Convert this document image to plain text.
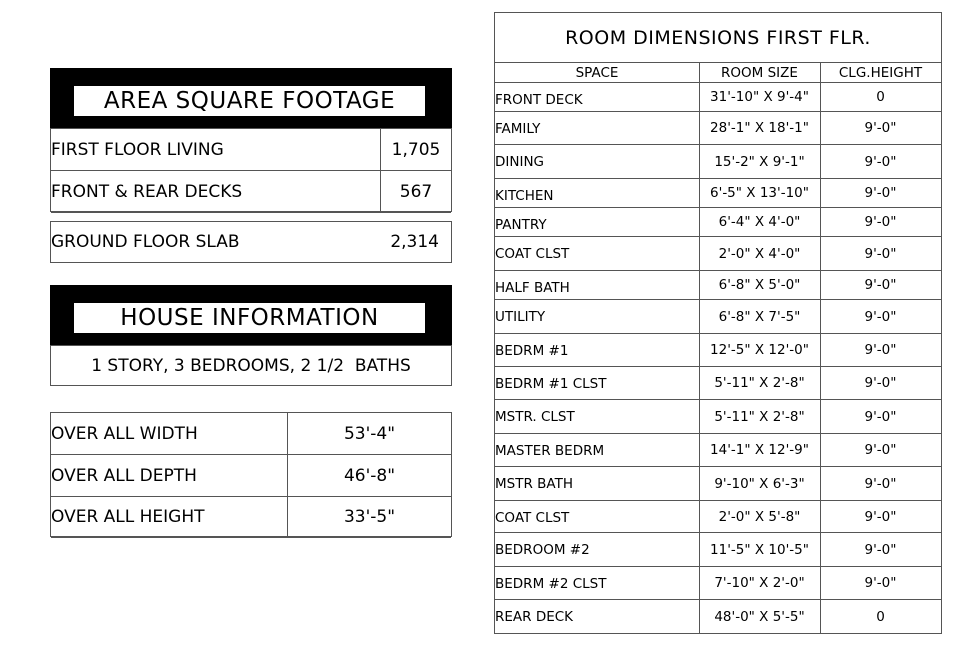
AREA SQUARE FOOTAGE
FIRST FLOOR LIVING	1,705
FRONT & REAR DECKS	567
GROUND FLOOR SLAB	2,314
HOUSE INFORMATION
1 STORY, 3 BEDROOMS, 2 1/2  BATHS
OVER ALL WIDTH	53'-4"
OVER ALL DEPTH	46'-8"
OVER ALL HEIGHT	33'-5"
ROOM DIMENSIONS FIRST FLR.
SPACE	ROOM SIZE	CLG.HEIGHT
FRONT DECK	31'-10" X 9'-4"	0
FAMILY	28'-1" X 18'-1"	9'-0"
DINING	15'-2" X 9'-1"	9'-0"
KITCHEN	6'-5" X 13'-10"	9'-0"
PANTRY	6'-4" X 4'-0"	9'-0"
COAT CLST	2'-0" X 4'-0"	9'-0"
HALF BATH	6'-8" X 5'-0"	9'-0"
UTILITY	6'-8" X 7'-5"	9'-0"
BEDRM #1	12'-5" X 12'-0"	9'-0"
BEDRM #1 CLST	5'-11" X 2'-8"	9'-0"
MSTR. CLST	5'-11" X 2'-8"	9'-0"
MASTER BEDRM	14'-1" X 12'-9"	9'-0"
MSTR BATH	9'-10" X 6'-3"	9'-0"
COAT CLST	2'-0" X 5'-8"	9'-0"
BEDROOM #2	11'-5" X 10'-5"	9'-0"
BEDRM #2 CLST	7'-10" X 2'-0"	9'-0"
REAR DECK	48'-0" X 5'-5"	0
